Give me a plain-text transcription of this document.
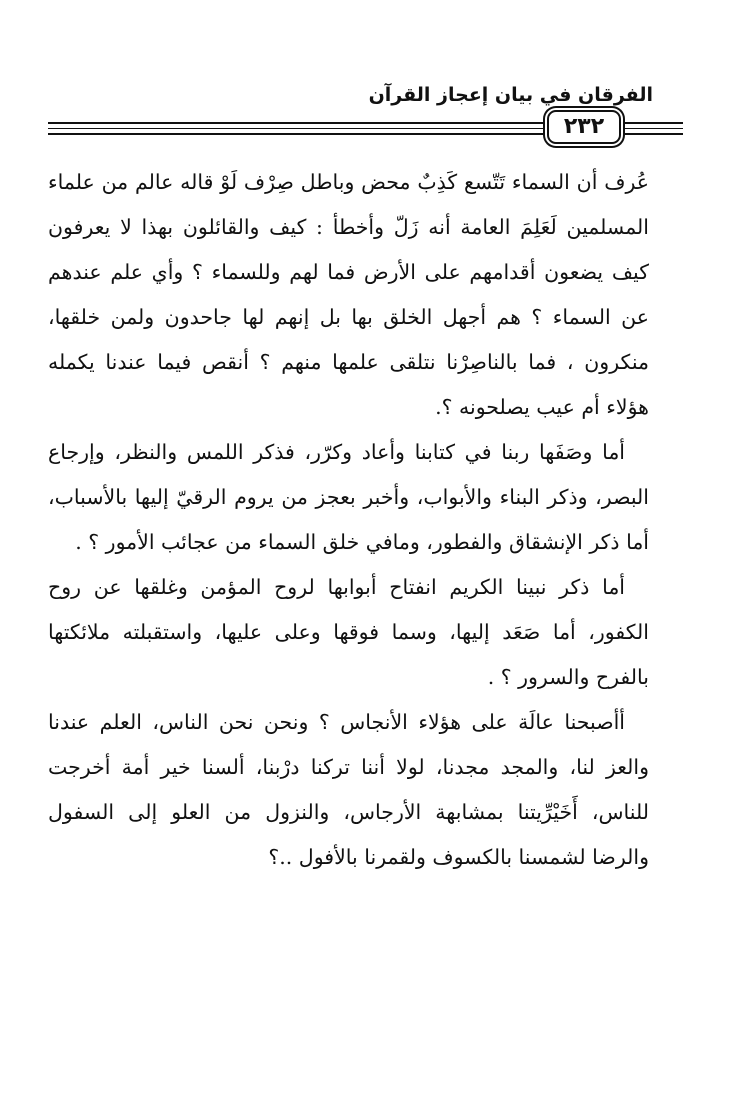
الفرقان في بيان إعجاز القرآن
٢٣٢

عُرف أن السماء تَتّسع كَذِبٌ محض وباطل صِرْف لَوْ قاله عالم من علماء المسلمين لَعَلِمَ العامة أنه زَلّ وأخطأ : كيف والقائلون بهذا لا يعرفون كيف يضعون أقدامهم على الأرض فما لهم وللسماء ؟ وأي علم عندهم عن السماء ؟ هم أجهل الخلق بها بل إنهم لها جاحدون ولمن خلقها، منكرون ، فما بالناصِرْنا نتلقى علمها منهم ؟ أنقص فيما عندنا يكمله هؤلاء أم عيب يصلحونه ؟.

أما وصَفَها ربنا في كتابنا وأعاد وكرّر، فذكر اللمس والنظر، وإرجاع البصر، وذكر البناء والأبواب، وأخبر بعجز من يروم الرقيّ إليها بالأسباب، أما ذكر الإنشقاق والفطور، ومافي خلق السماء من عجائب الأمور ؟ .

أما ذكر نبينا الكريم انفتاح أبوابها لروح المؤمن وغلقها عن روح الكفور، أما صَعَد إليها، وسما فوقها وعلى عليها، واستقبلته ملائكتها بالفرح والسرور ؟ .

أأصبحنا عالَة على هؤلاء الأنجاس ؟ ونحن نحن الناس، العلم عندنا والعز لنا، والمجد مجدنا، لولا أننا تركنا درْبنا، ألسنا خير أمة أخرجت للناس، أَخَيْرِّيتنا بمشابهة الأرجاس، والنزول من العلو إلى السفول والرضا لشمسنا بالكسوف ولقمرنا بالأفول ..؟
